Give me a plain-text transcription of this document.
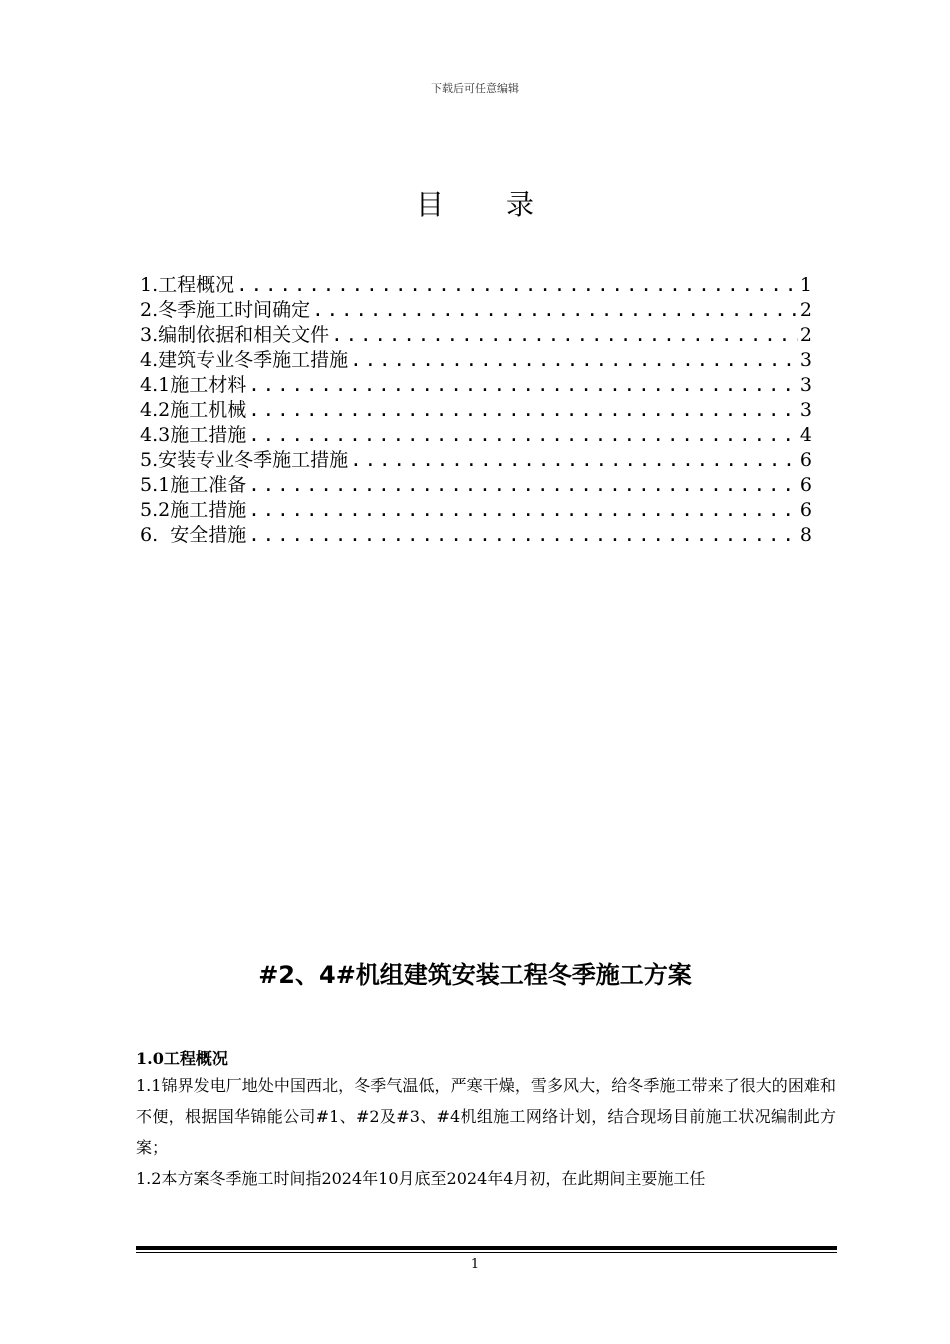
下载后可任意编辑
目 录
1.工程概况 .....	1
2.冬季施工时间确定 .....	2
3.编制依据和相关文件 .....	2
4.建筑专业冬季施工措施 .....	3
4.1施工材料 .....	3
4.2施工机械 .....	3
4.3施工措施 .....	4
5.安装专业冬季施工措施 .....	6
5.1施工准备 .....	6
5.2施工措施 .....	6
6.  安全措施 .....	8
#2、4#机组建筑安装工程冬季施工方案
1.0工程概况

1.1锦界发电厂地处中国西北，冬季气温低，严寒干燥，雪多风大，给冬季施工带来了很大的困难和不便，根据国华锦能公司#1、#2及#3、#4机组施工网络计划，结合现场目前施工状况编制此方案；

1.2本方案冬季施工时间指2024年10月底至2024年4月初，在此期间主要施工任

1
